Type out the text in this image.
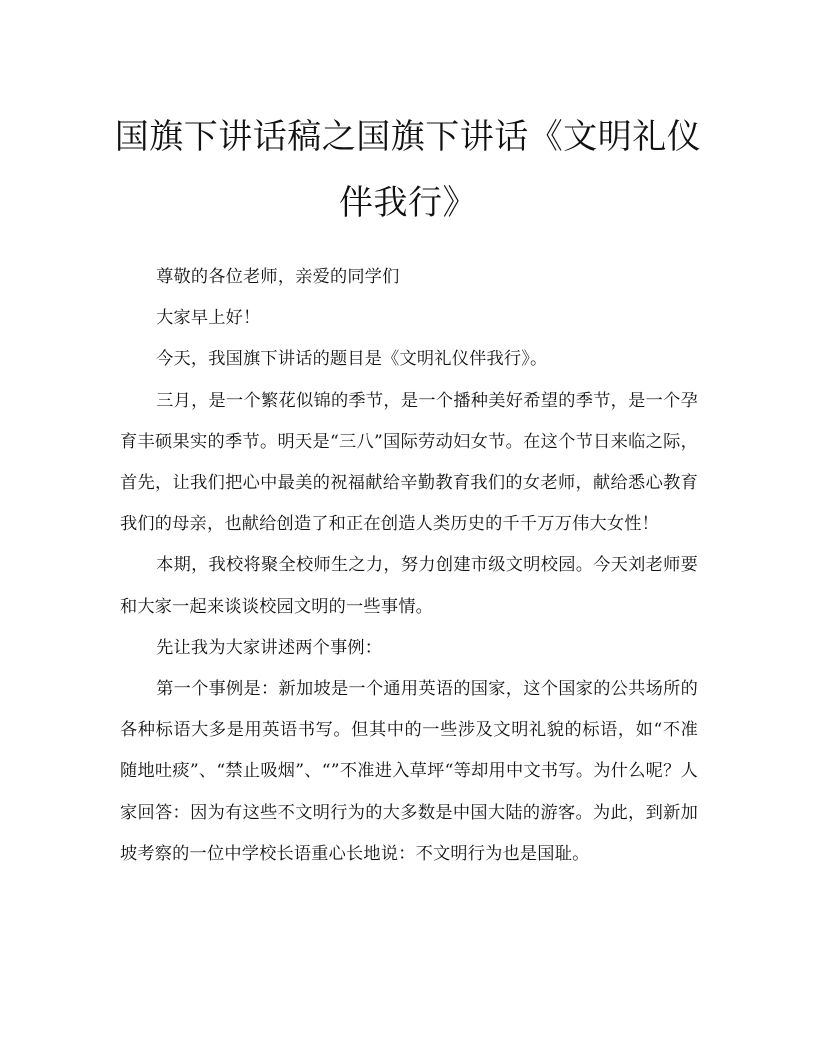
国旗下讲话稿之国旗下讲话《文明礼仪伴我行》

尊敬的各位老师，亲爱的同学们

大家早上好！

今天，我国旗下讲话的题目是《文明礼仪伴我行》。

三月，是一个繁花似锦的季节，是一个播种美好希望的季节，是一个孕育丰硕果实的季节。明天是“三八”国际劳动妇女节。在这个节日来临之际，首先，让我们把心中最美的祝福献给辛勤教育我们的女老师，献给悉心教育我们的母亲，也献给创造了和正在创造人类历史的千千万万伟大女性！

本期，我校将聚全校师生之力，努力创建市级文明校园。今天刘老师要和大家一起来谈谈校园文明的一些事情。

先让我为大家讲述两个事例：

第一个事例是：新加坡是一个通用英语的国家，这个国家的公共场所的各种标语大多是用英语书写。但其中的一些涉及文明礼貌的标语，如“不准随地吐痰”、“禁止吸烟”、“”不准进入草坪“等却用中文书写。为什么呢？人家回答：因为有这些不文明行为的大多数是中国大陆的游客。为此，到新加坡考察的一位中学校长语重心长地说：不文明行为也是国耻。
